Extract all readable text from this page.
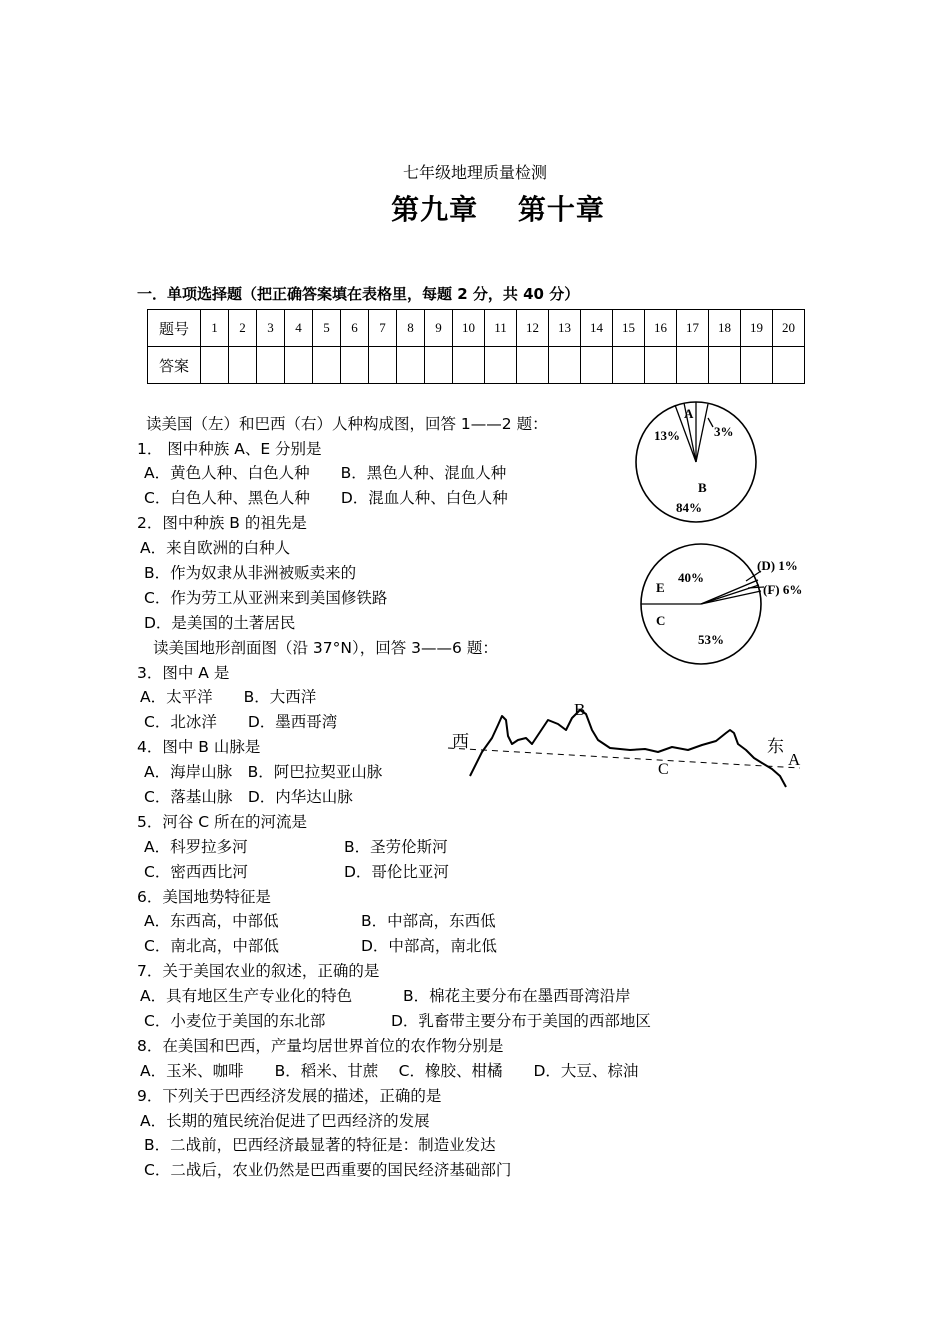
七年级地理质量检测
第九章　 第十章
一．单项选择题（把正确答案填在表格里，每题 2 分，共 40 分）
题号	1	2	3	4	5	6	7	8	9	10	11	12	13	14	15	16	17	18	19	20
答案																				
读美国（左）和巴西（右）人种构成图，回答 1——2 题：
1． 图中种族 A、E 分别是
A．黄色人种、白色人种　　B．黑色人种、混血人种
C．白色人种、黑色人种　　D．混血人种、白色人种
2．图中种族 B 的祖先是
A．来自欧洲的白种人
B．作为奴隶从非洲被贩卖来的
C．作为劳工从亚洲来到美国修铁路
D．是美国的土著居民
读美国地形剖面图（沿 37°N），回答 3——6 题：
3．图中 A 是
A．太平洋　　B．大西洋
C．北冰洋　　D．墨西哥湾
4．图中 B 山脉是
A．海岸山脉　B．阿巴拉契亚山脉
C．落基山脉　D．内华达山脉
5．河谷 C 所在的河流是
A．科罗拉多河	B．圣劳伦斯河
C．密西西比河	D．哥伦比亚河
6．美国地势特征是
A．东西高，中部低	B．中部高，东西低
C．南北高，中部低	D．中部高，南北低
7．关于美国农业的叙述，正确的是
A．具有地区生产专业化的特色	B．棉花主要分布在墨西哥湾沿岸
C．小麦位于美国的东北部	D．乳畜带主要分布于美国的西部地区
8．在美国和巴西，产量均居世界首位的农作物分别是
A．玉米、咖啡　　B．稻米、甘蔗　 C．橡胶、柑橘　　D．大豆、棕油
9．下列关于巴西经济发展的描述，正确的是
A．长期的殖民统治促进了巴西经济的发展
B．二战前，巴西经济最显著的特征是：制造业发达
C．二战后，农业仍然是巴西重要的国民经济基础部门
A
13%	3%
B
84%
(D) 1%
(F) 6%
E
40%
C
53%
西
B
C
东
A
